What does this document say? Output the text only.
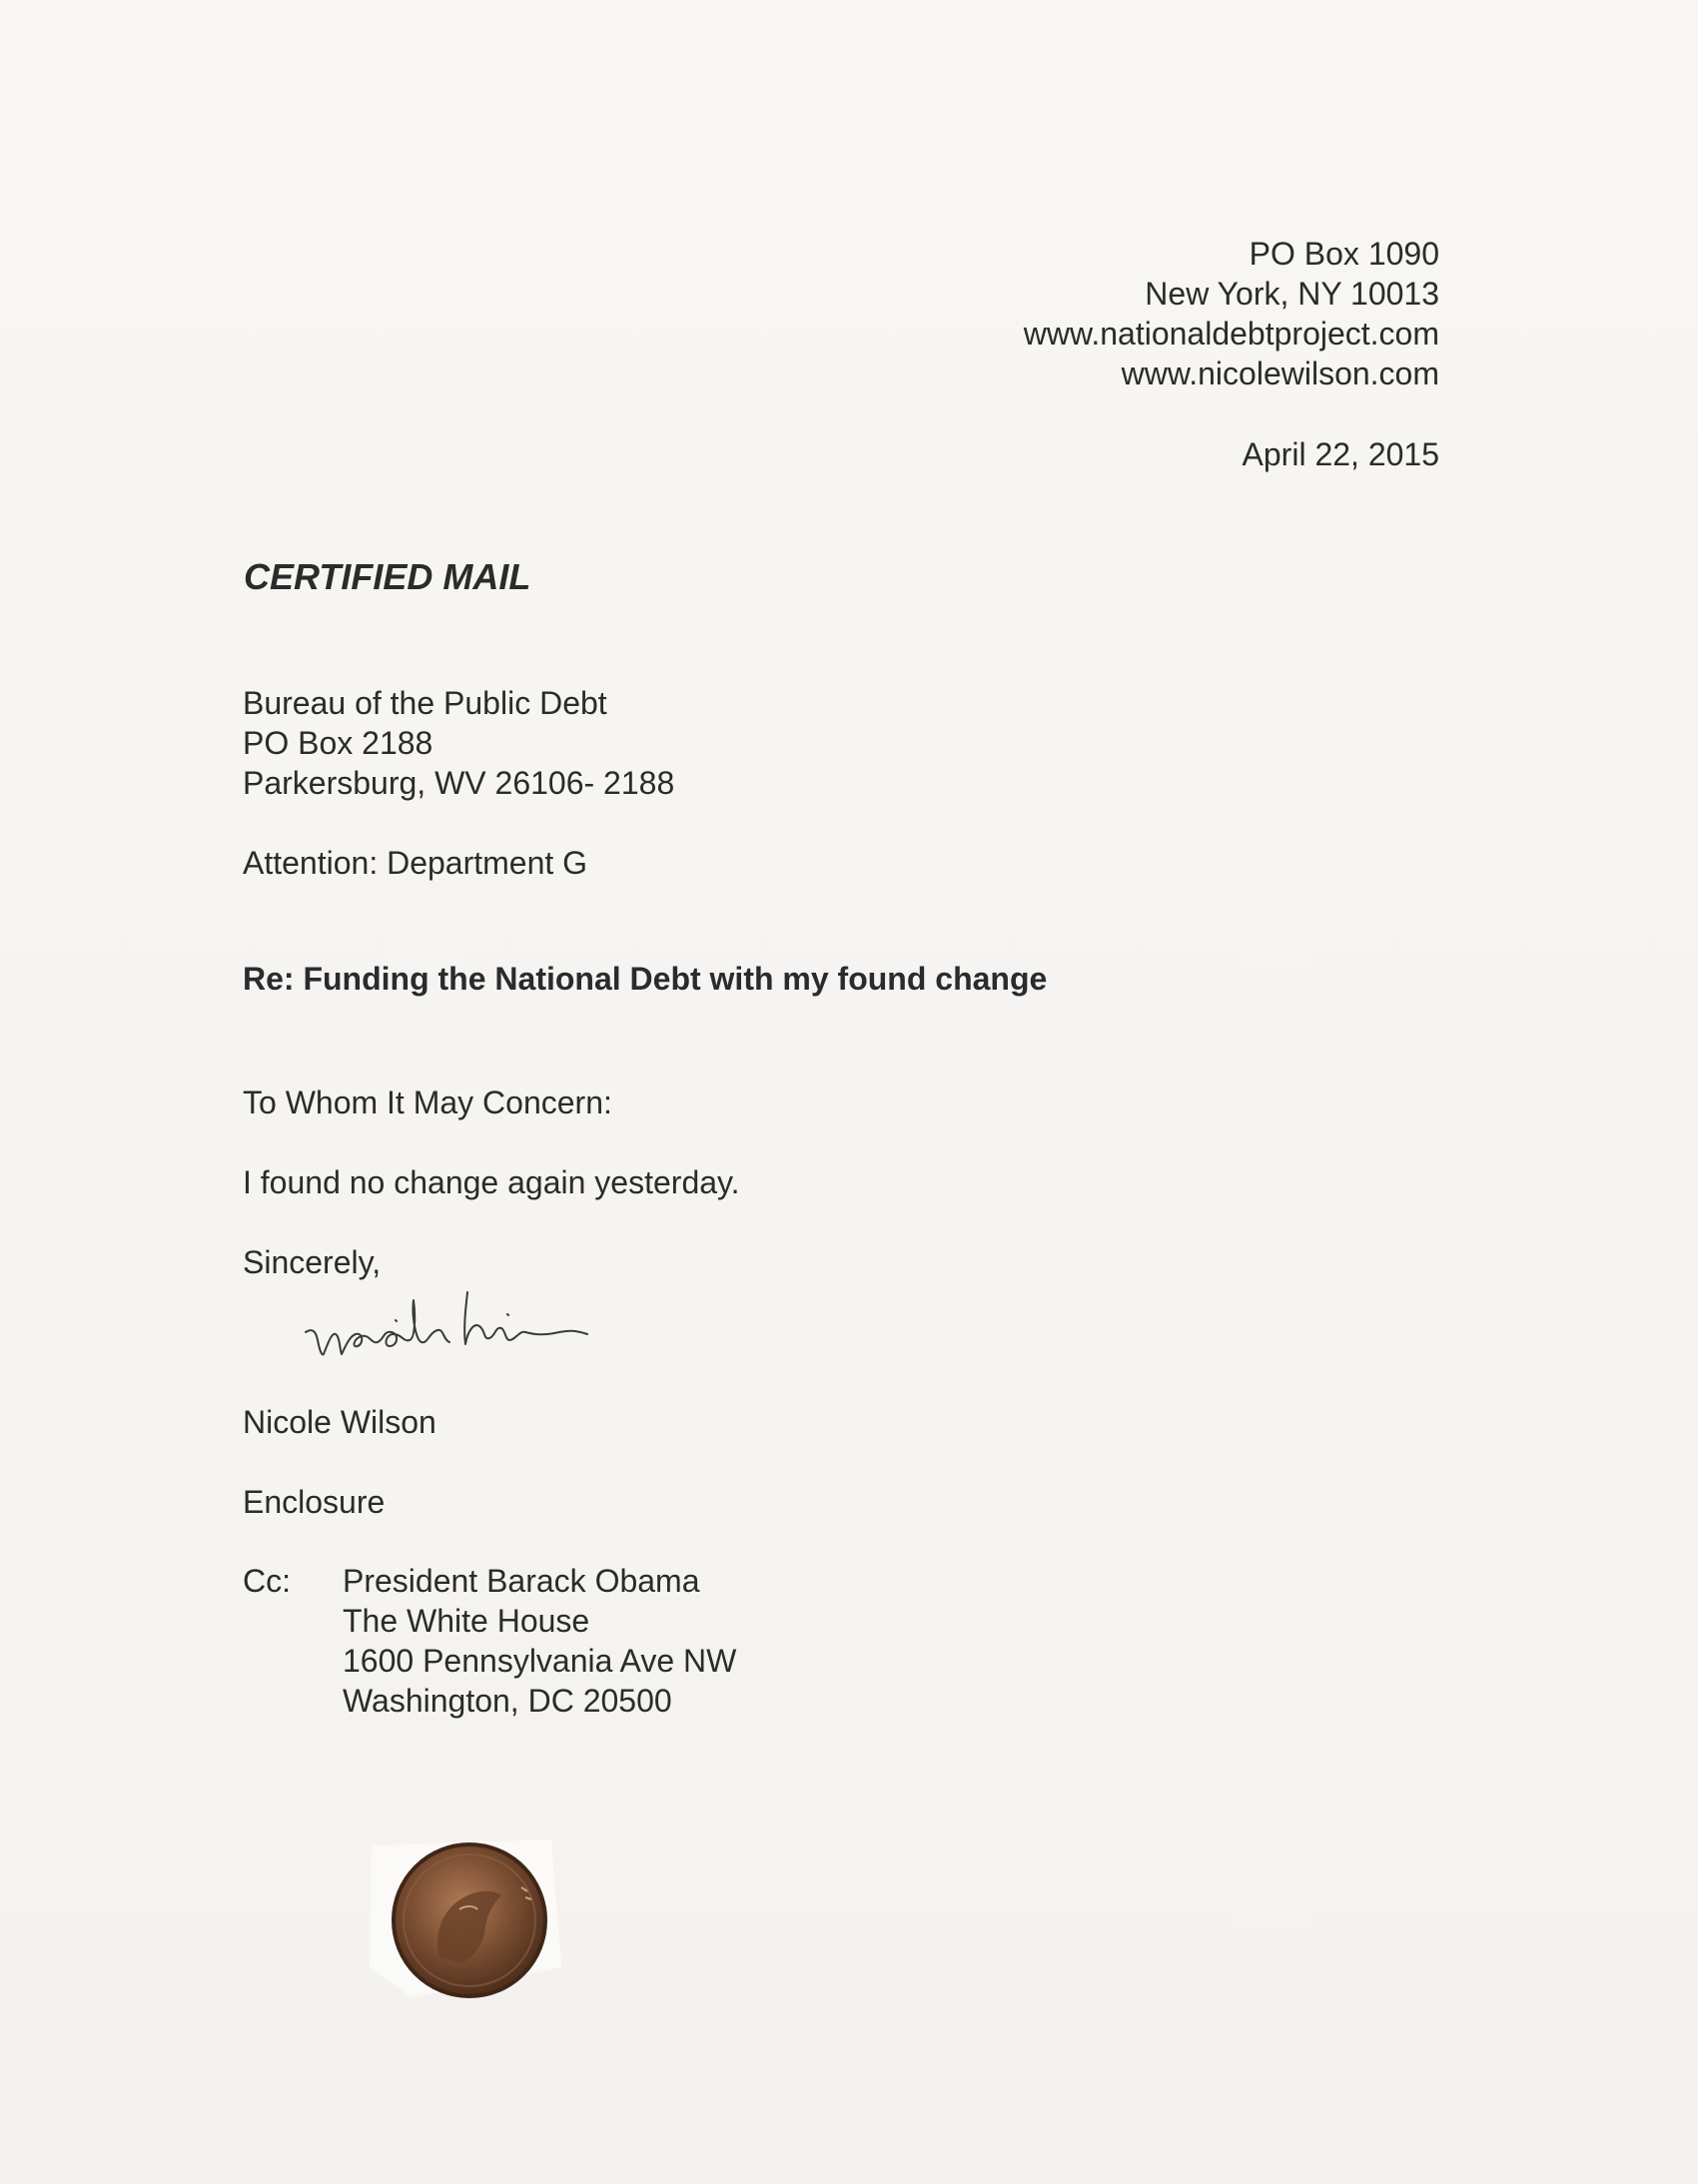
PO Box 1090
New York, NY 10013
www.nationaldebtproject.com
www.nicolewilson.com
April 22, 2015
CERTIFIED MAIL
Bureau of the Public Debt
PO Box 2188
Parkersburg, WV 26106- 2188
Attention: Department G
Re: Funding the National Debt with my found change
To Whom It May Concern:
I found no change again yesterday.
Sincerely,
Nicole Wilson
Enclosure
Cc: President Barack Obama
The White House
1600 Pennsylvania Ave NW
Washington, DC 20500
